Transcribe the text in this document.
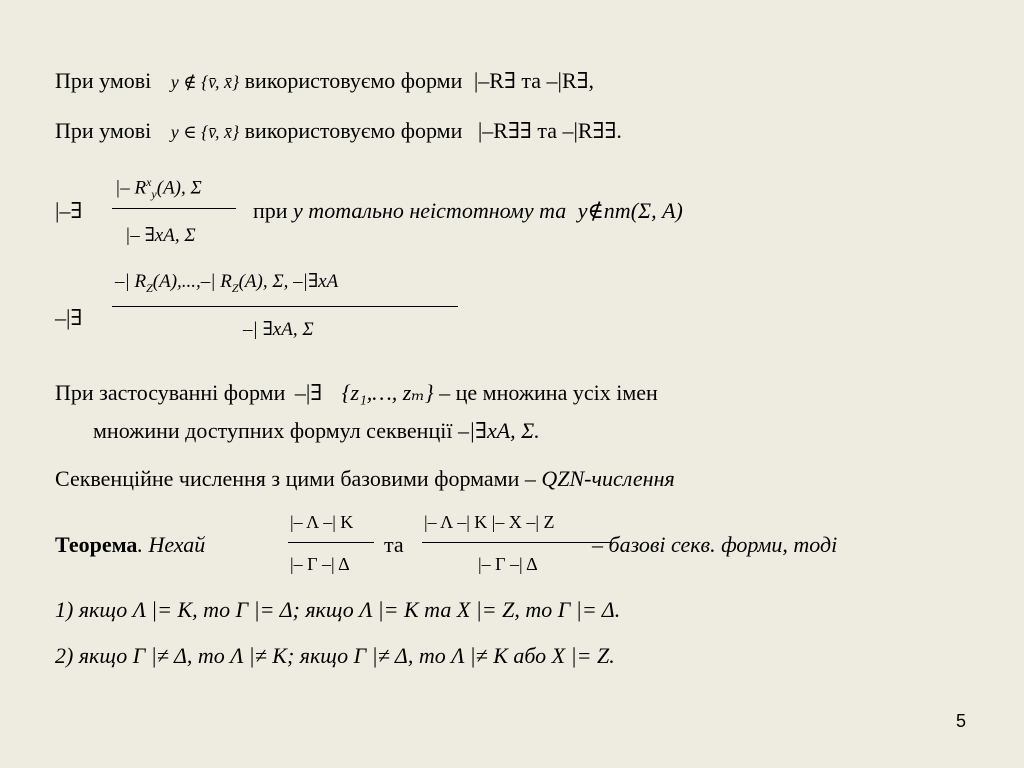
При умові y ∉ {v̄, x̄} використовуємо форми |–R∃ та –|R∃,
При умові y ∈ {v̄, x̄} використовуємо форми |–R∃∃ та –|R∃∃.
|–∃
|– $R^x_y(A)$, Σ
|– ∃xA, Σ
при y тотально неістотному та y∉nm(Σ, A)
–|∃
–| $R_Z(A),...,-|$ $R_Z(A)$, Σ, –|∃xA
–| ∃xA, Σ
При застосуванні форми –|∃ {z₁,…, zₘ} – це множина усіх імен
множини доступних формул секвенції –|∃xA, Σ.
Секвенційне числення з цими базовими формами – QZN-числення
Теорема. Нехай
|– Λ –| K
|– Γ –| Δ
та
|– Λ –| K |– X –| Z
|– Γ –| Δ
– базові секв. форми, тоді
1) якщо Λ |= K, то Γ |= Δ; якщо Λ |= K та X |= Z, то Γ |= Δ.
2) якщо Γ |≠ Δ, то Λ |≠ K; якщо Γ |≠ Δ, то Λ |≠ K або X |= Z.
5
